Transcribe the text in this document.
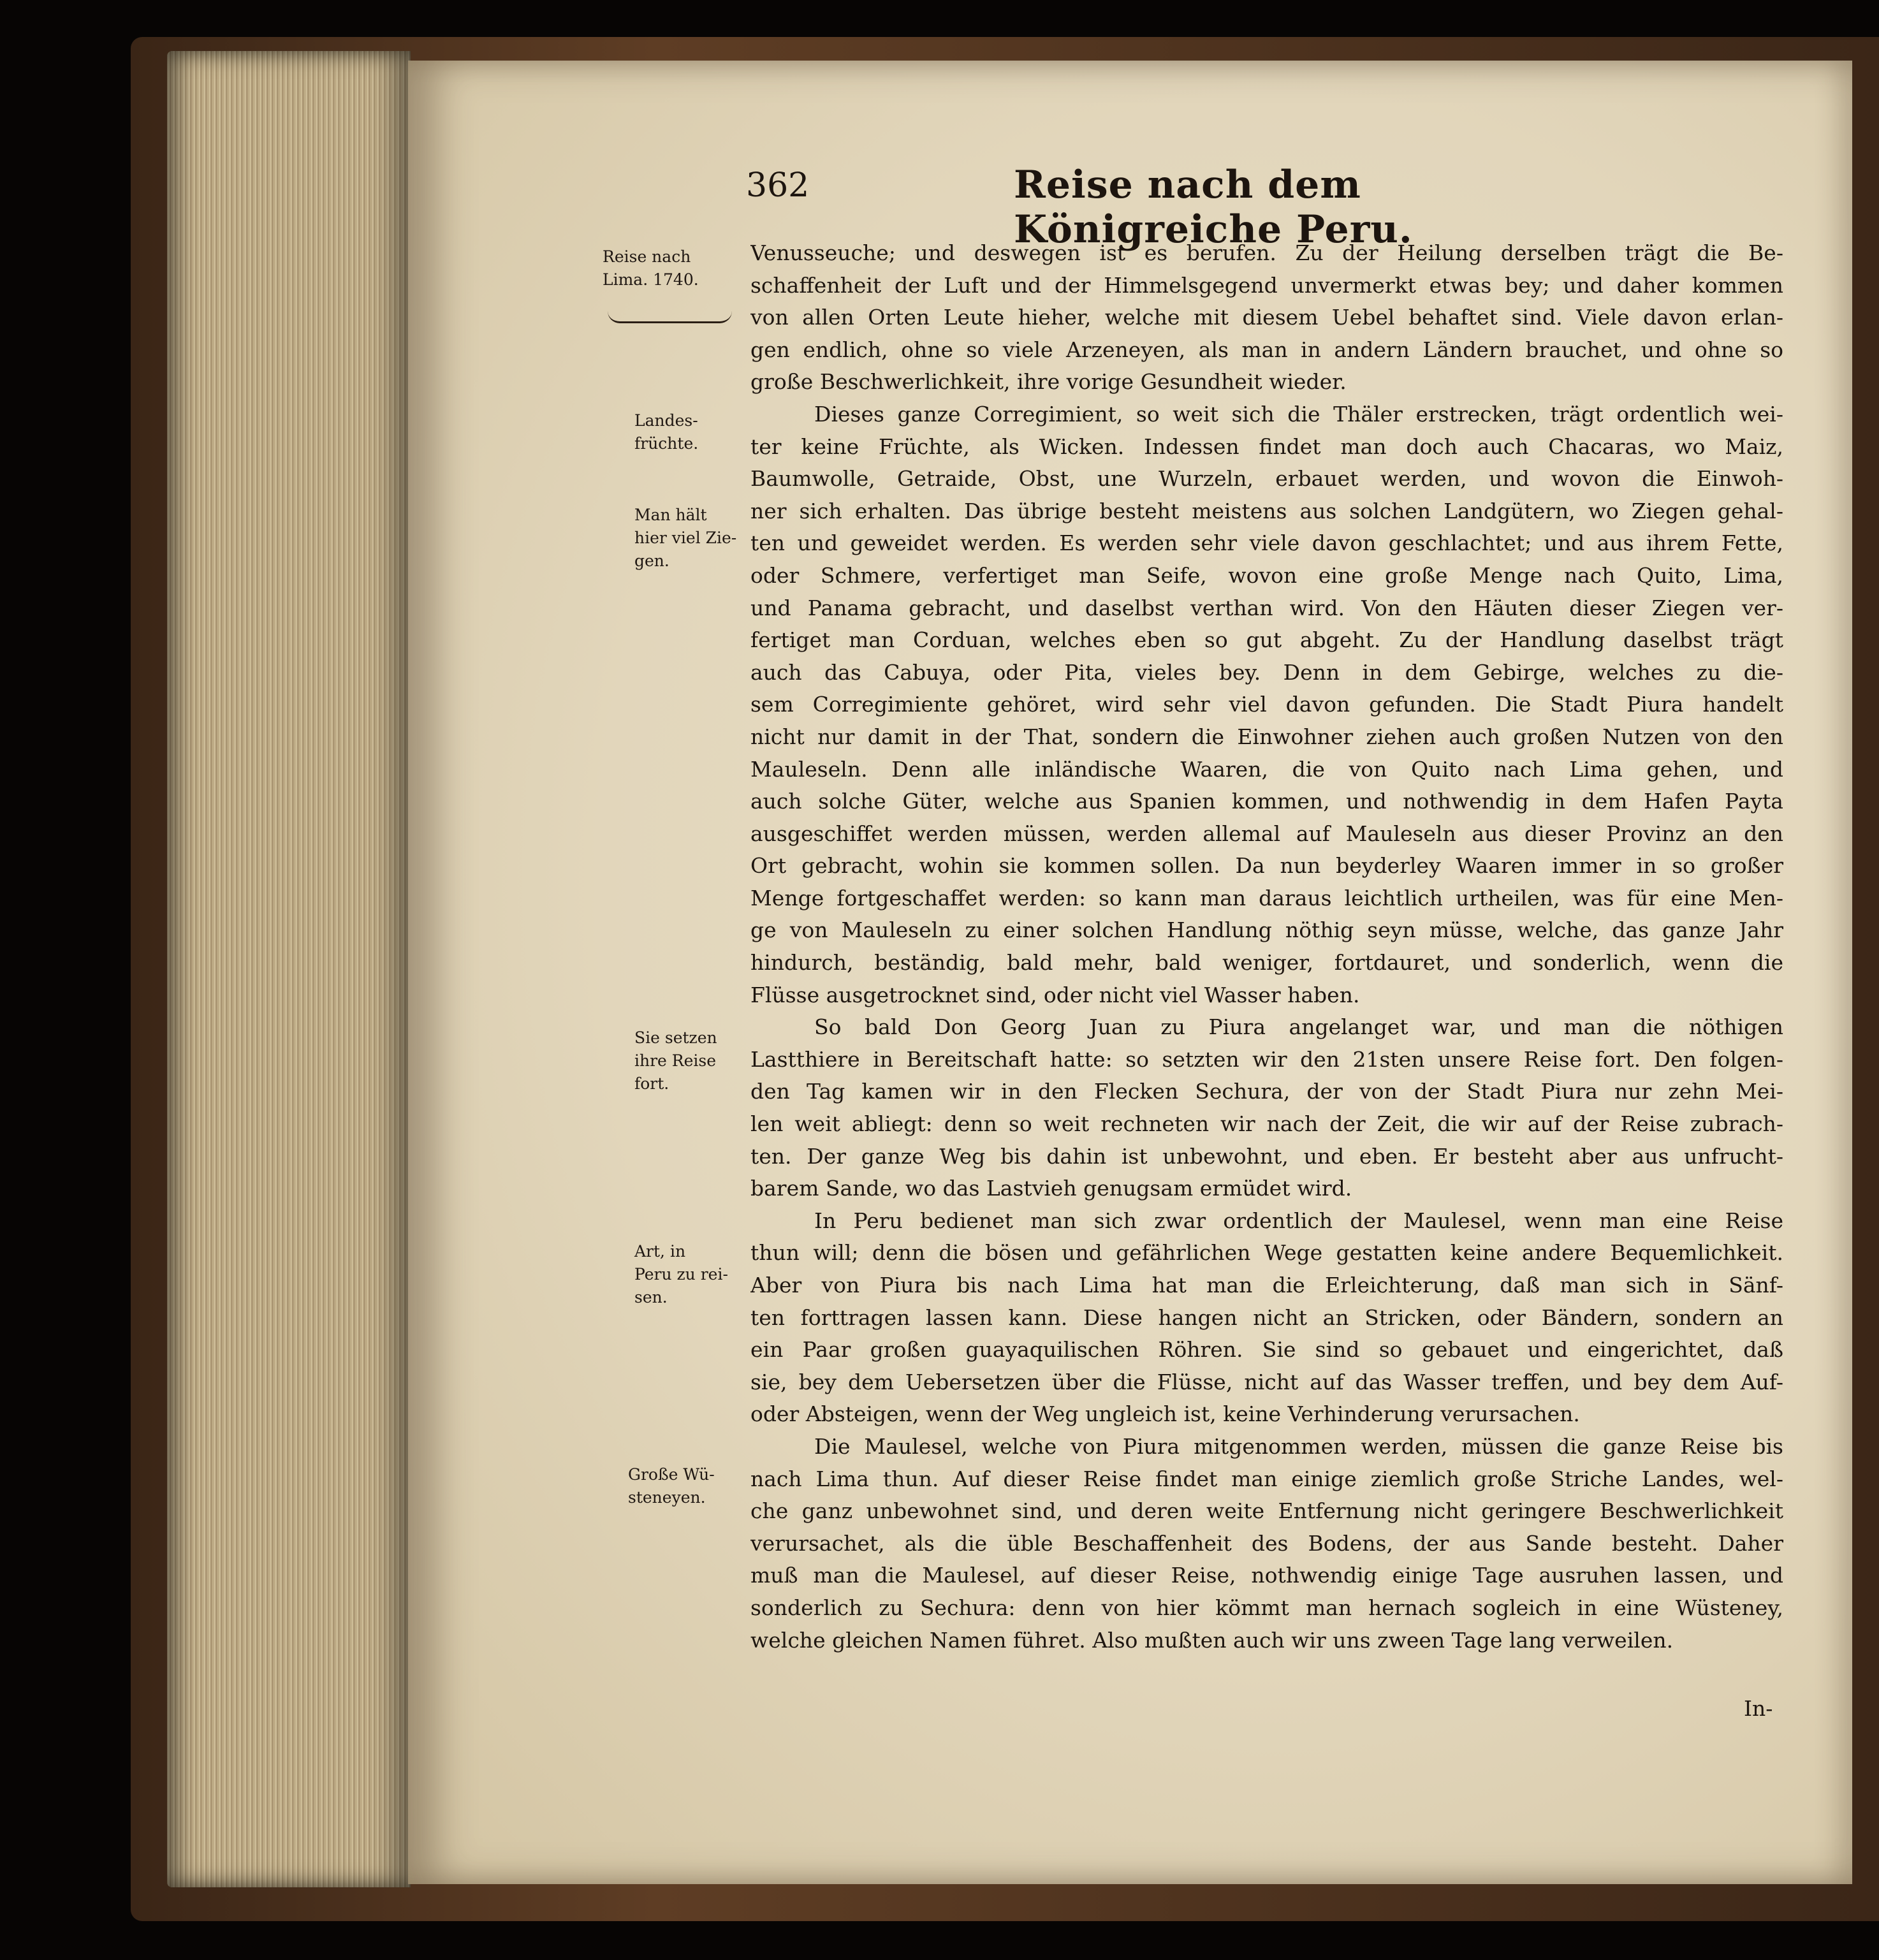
362	Reise nach dem Königreiche Peru.
Reise nach
Lima. 1740.
Landes-
früchte.
Man hält
hier viel Zie-
gen.
Sie setzen
ihre Reise
fort.
Art, in
Peru zu rei-
sen.
Große Wü-
steneyen.
Venusseuche; und deswegen ist es berufen. Zu der Heilung derselben trägt die Be-
schaffenheit der Luft und der Himmelsgegend unvermerkt etwas bey; und daher kommen
von allen Orten Leute hieher, welche mit diesem Uebel behaftet sind. Viele davon erlan-
gen endlich, ohne so viele Arzeneyen, als man in andern Ländern brauchet, und ohne so
große Beschwerlichkeit, ihre vorige Gesundheit wieder.
Dieses ganze Corregimient, so weit sich die Thäler erstrecken, trägt ordentlich wei-
ter keine Früchte, als Wicken. Indessen findet man doch auch Chacaras, wo Maiz,
Baumwolle, Getraide, Obst, une Wurzeln, erbauet werden, und wovon die Einwoh-
ner sich erhalten. Das übrige besteht meistens aus solchen Landgütern, wo Ziegen gehal-
ten und geweidet werden. Es werden sehr viele davon geschlachtet; und aus ihrem Fette,
oder Schmere, verfertiget man Seife, wovon eine große Menge nach Quito, Lima,
und Panama gebracht, und daselbst verthan wird. Von den Häuten dieser Ziegen ver-
fertiget man Corduan, welches eben so gut abgeht. Zu der Handlung daselbst trägt
auch das Cabuya, oder Pita, vieles bey. Denn in dem Gebirge, welches zu die-
sem Corregimiente gehöret, wird sehr viel davon gefunden. Die Stadt Piura handelt
nicht nur damit in der That, sondern die Einwohner ziehen auch großen Nutzen von den
Mauleseln. Denn alle inländische Waaren, die von Quito nach Lima gehen, und
auch solche Güter, welche aus Spanien kommen, und nothwendig in dem Hafen Payta
ausgeschiffet werden müssen, werden allemal auf Mauleseln aus dieser Provinz an den
Ort gebracht, wohin sie kommen sollen. Da nun beyderley Waaren immer in so großer
Menge fortgeschaffet werden: so kann man daraus leichtlich urtheilen, was für eine Men-
ge von Mauleseln zu einer solchen Handlung nöthig seyn müsse, welche, das ganze Jahr
hindurch, beständig, bald mehr, bald weniger, fortdauret, und sonderlich, wenn die
Flüsse ausgetrocknet sind, oder nicht viel Wasser haben.
So bald Don Georg Juan zu Piura angelanget war, und man die nöthigen
Lastthiere in Bereitschaft hatte: so setzten wir den 21sten unsere Reise fort. Den folgen-
den Tag kamen wir in den Flecken Sechura, der von der Stadt Piura nur zehn Mei-
len weit abliegt: denn so weit rechneten wir nach der Zeit, die wir auf der Reise zubrach-
ten. Der ganze Weg bis dahin ist unbewohnt, und eben. Er besteht aber aus unfrucht-
barem Sande, wo das Lastvieh genugsam ermüdet wird.
In Peru bedienet man sich zwar ordentlich der Maulesel, wenn man eine Reise
thun will; denn die bösen und gefährlichen Wege gestatten keine andere Bequemlichkeit.
Aber von Piura bis nach Lima hat man die Erleichterung, daß man sich in Sänf-
ten forttragen lassen kann. Diese hangen nicht an Stricken, oder Bändern, sondern an
ein Paar großen guayaquilischen Röhren. Sie sind so gebauet und eingerichtet, daß
sie, bey dem Uebersetzen über die Flüsse, nicht auf das Wasser treffen, und bey dem Auf-
oder Absteigen, wenn der Weg ungleich ist, keine Verhinderung verursachen.
Die Maulesel, welche von Piura mitgenommen werden, müssen die ganze Reise bis
nach Lima thun. Auf dieser Reise findet man einige ziemlich große Striche Landes, wel-
che ganz unbewohnet sind, und deren weite Entfernung nicht geringere Beschwerlichkeit
verursachet, als die üble Beschaffenheit des Bodens, der aus Sande besteht. Daher
muß man die Maulesel, auf dieser Reise, nothwendig einige Tage ausruhen lassen, und
sonderlich zu Sechura: denn von hier kömmt man hernach sogleich in eine Wüsteney,
welche gleichen Namen führet. Also mußten auch wir uns zween Tage lang verweilen.
In-
